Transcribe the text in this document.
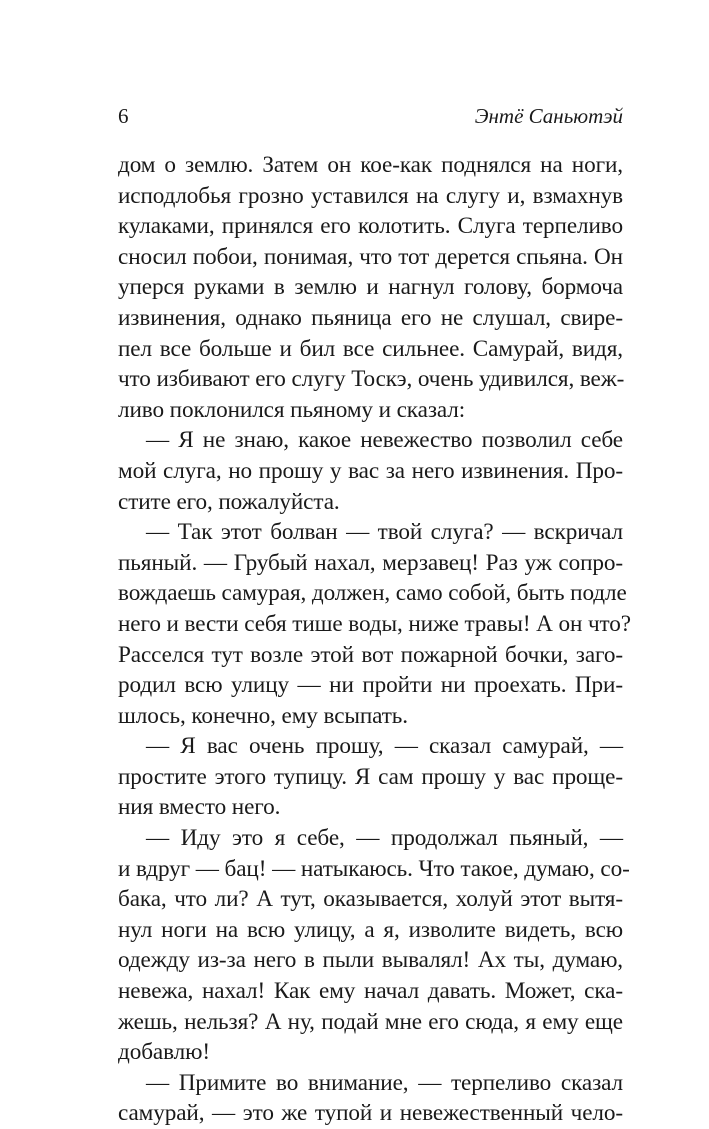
6	Энтё Саньютэй
дом о землю. Затем он кое-как поднялся на ноги,
исподлобья грозно уставился на слугу и, взмахнув
кулаками, принялся его колотить. Слуга терпеливо
сносил побои, понимая, что тот дерется спьяна. Он
уперся руками в землю и нагнул голову, бормоча
извинения, однако пьяница его не слушал, свире-
пел все больше и бил все сильнее. Самурай, видя,
что избивают его слугу Тоскэ, очень удивился, веж-
ливо поклонился пьяному и сказал:
— Я не знаю, какое невежество позволил себе
мой слуга, но прошу у вас за него извинения. Про-
стите его, пожалуйста.
— Так этот болван — твой слуга? — вскричал
пьяный. — Грубый нахал, мерзавец! Раз уж сопро-
вождаешь самурая, должен, само собой, быть подле
него и вести себя тише воды, ниже травы! А он что?
Расселся тут возле этой вот пожарной бочки, заго-
родил всю улицу — ни пройти ни проехать. При-
шлось, конечно, ему всыпать.
— Я вас очень прошу, — сказал самурай, —
простите этого тупицу. Я сам прошу у вас проще-
ния вместо него.
— Иду это я себе, — продолжал пьяный, —
и вдруг — бац! — натыкаюсь. Что такое, думаю, со-
бака, что ли? А тут, оказывается, холуй этот вытя-
нул ноги на всю улицу, а я, изволите видеть, всю
одежду из-за него в пыли вывалял! Ах ты, думаю,
невежа, нахал! Как ему начал давать. Может, ска-
жешь, нельзя? А ну, подай мне его сюда, я ему еще
добавлю!
— Примите во внимание, — терпеливо сказал
самурай, — это же тупой и невежественный чело-
